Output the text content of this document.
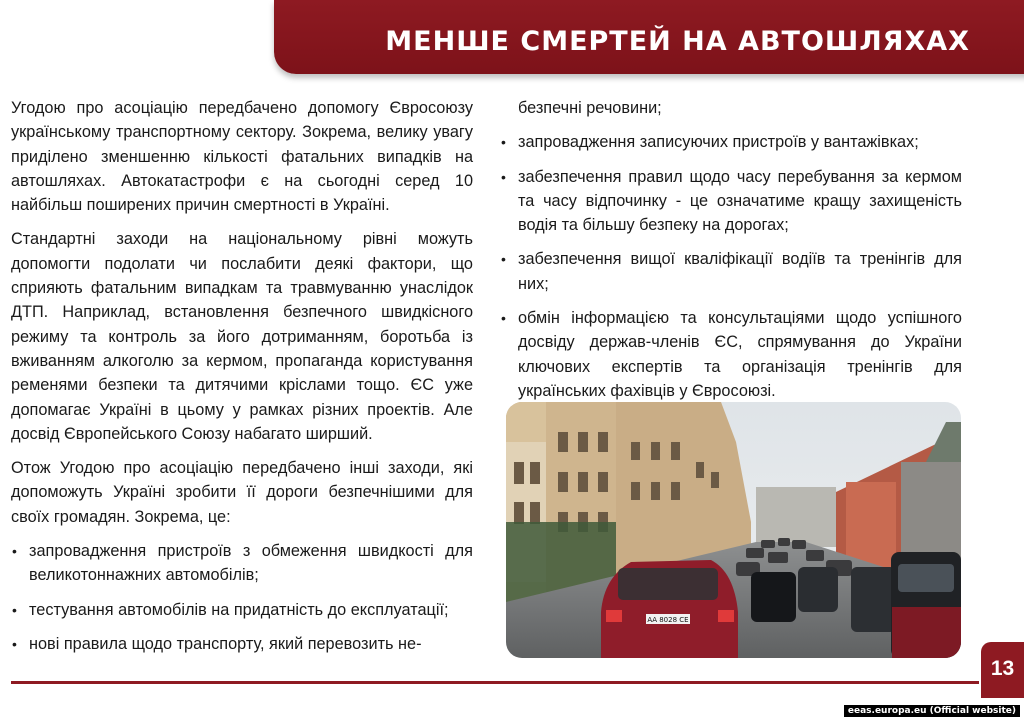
МЕНШЕ СМЕРТЕЙ НА АВТОШЛЯХАХ

Угодою про асоціацію передбачено допомогу Євросоюзу українському транспортному сектору. Зокрема, велику увагу приділено зменшенню кількості фатальних випадків на автошляхах. Автокатастрофи є на сьогодні серед 10 найбільш поширених причин смертності в Україні.

Стандартні заходи на національному рівні можуть допомогти подолати чи послабити деякі фактори, що сприяють фатальним випадкам та травмуванню унаслідок ДТП. Наприклад, встановлення безпечного швидкісного режиму та контроль за його дотриманням, боротьба із вживанням алкоголю за кермом, пропаганда користування ременями безпеки та дитячими кріслами тощо. ЄС уже допомагає Україні в цьому у рамках різних проектів. Але досвід Європейського Союзу набагато ширший.

Отож Угодою про асоціацію передбачено інші заходи, які допоможуть Україні зробити її дороги безпечнішими для своїх громадян. Зокрема, це:

• запровадження пристроїв з обмеження швидкості для великотоннажних автомобілів;
• тестування автомобілів на придатність до експлуатації;
• нові правила щодо транспорту, який перевозить не-
безпечні речовини;
• запровадження записуючих пристроїв у вантажівках;
• забезпечення правил щодо часу перебування за кермом та часу відпочинку - це означатиме кращу захищеність водія та більшу безпеку на дорогах;
• забезпечення вищої кваліфікації водіїв та тренінгів для них;
• обмін інформацією та консультаціями щодо успішного досвіду держав-членів ЄС, спрямування до України ключових експертів та організація тренінгів для українських фахівців у Євросоюзі.
АА 8028 СЕ
13
eeas.europa.eu (Official website)
